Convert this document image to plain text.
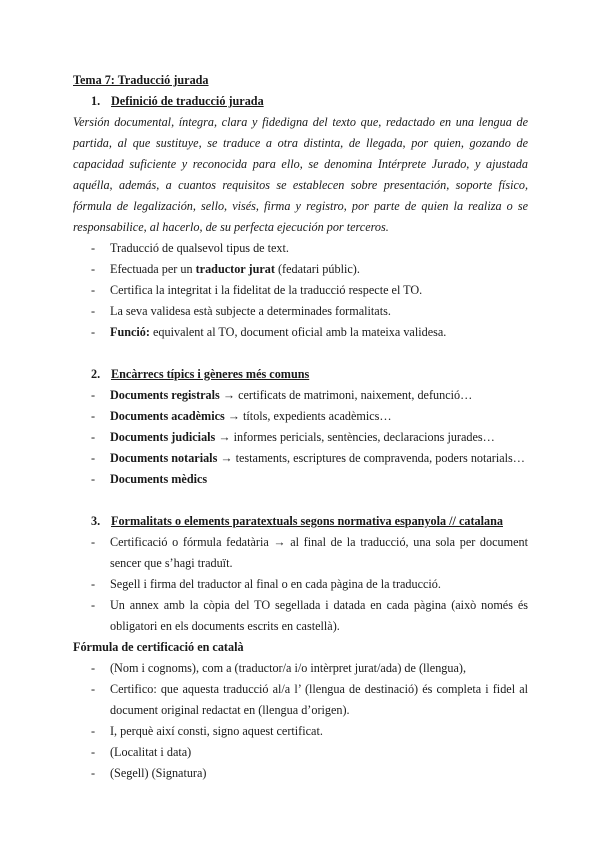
Tema 7: Traducció jurada
1. Definició de traducció jurada
Versión documental, íntegra, clara y fidedigna del texto que, redactado en una lengua de partida, al que sustituye, se traduce a otra distinta, de llegada, por quien, gozando de capacidad suficiente y reconocida para ello, se denomina Intérprete Jurado, y ajustada aquélla, además, a cuantos requisitos se establecen sobre presentación, soporte físico, fórmula de legalización, sello, visés, firma y registro, por parte de quien la realiza o se responsabilice, al hacerlo, de su perfecta ejecución por terceros.
- Traducció de qualsevol tipus de text.
- Efectuada per un traductor jurat (fedatari públic).
- Certifica la integritat i la fidelitat de la traducció respecte el TO.
- La seva validesa està subjecte a determinades formalitats.
- Funció: equivalent al TO, document oficial amb la mateixa validesa.
2. Encàrrecs típics i gèneres més comuns
- Documents registrals → certificats de matrimoni, naixement, defunció…
- Documents acadèmics → títols, expedients acadèmics…
- Documents judicials → informes pericials, sentències, declaracions jurades…
- Documents notarials → testaments, escriptures de compravenda, poders notarials…
- Documents mèdics
3. Formalitats o elements paratextuals segons normativa espanyola // catalana
- Certificació o fórmula fedatària → al final de la traducció, una sola per document sencer que s’hagi traduït.
- Segell i firma del traductor al final o en cada pàgina de la traducció.
- Un annex amb la còpia del TO segellada i datada en cada pàgina (això només és obligatori en els documents escrits en castellà).
Fórmula de certificació en català
- (Nom i cognoms), com a (traductor/a i/o intèrpret jurat/ada) de (llengua),
- Certifico: que aquesta traducció al/a l’ (llengua de destinació) és completa i fidel al document original redactat en (llengua d’origen).
- I, perquè així consti, signo aquest certificat.
- (Localitat i data)
- (Segell) (Signatura)
